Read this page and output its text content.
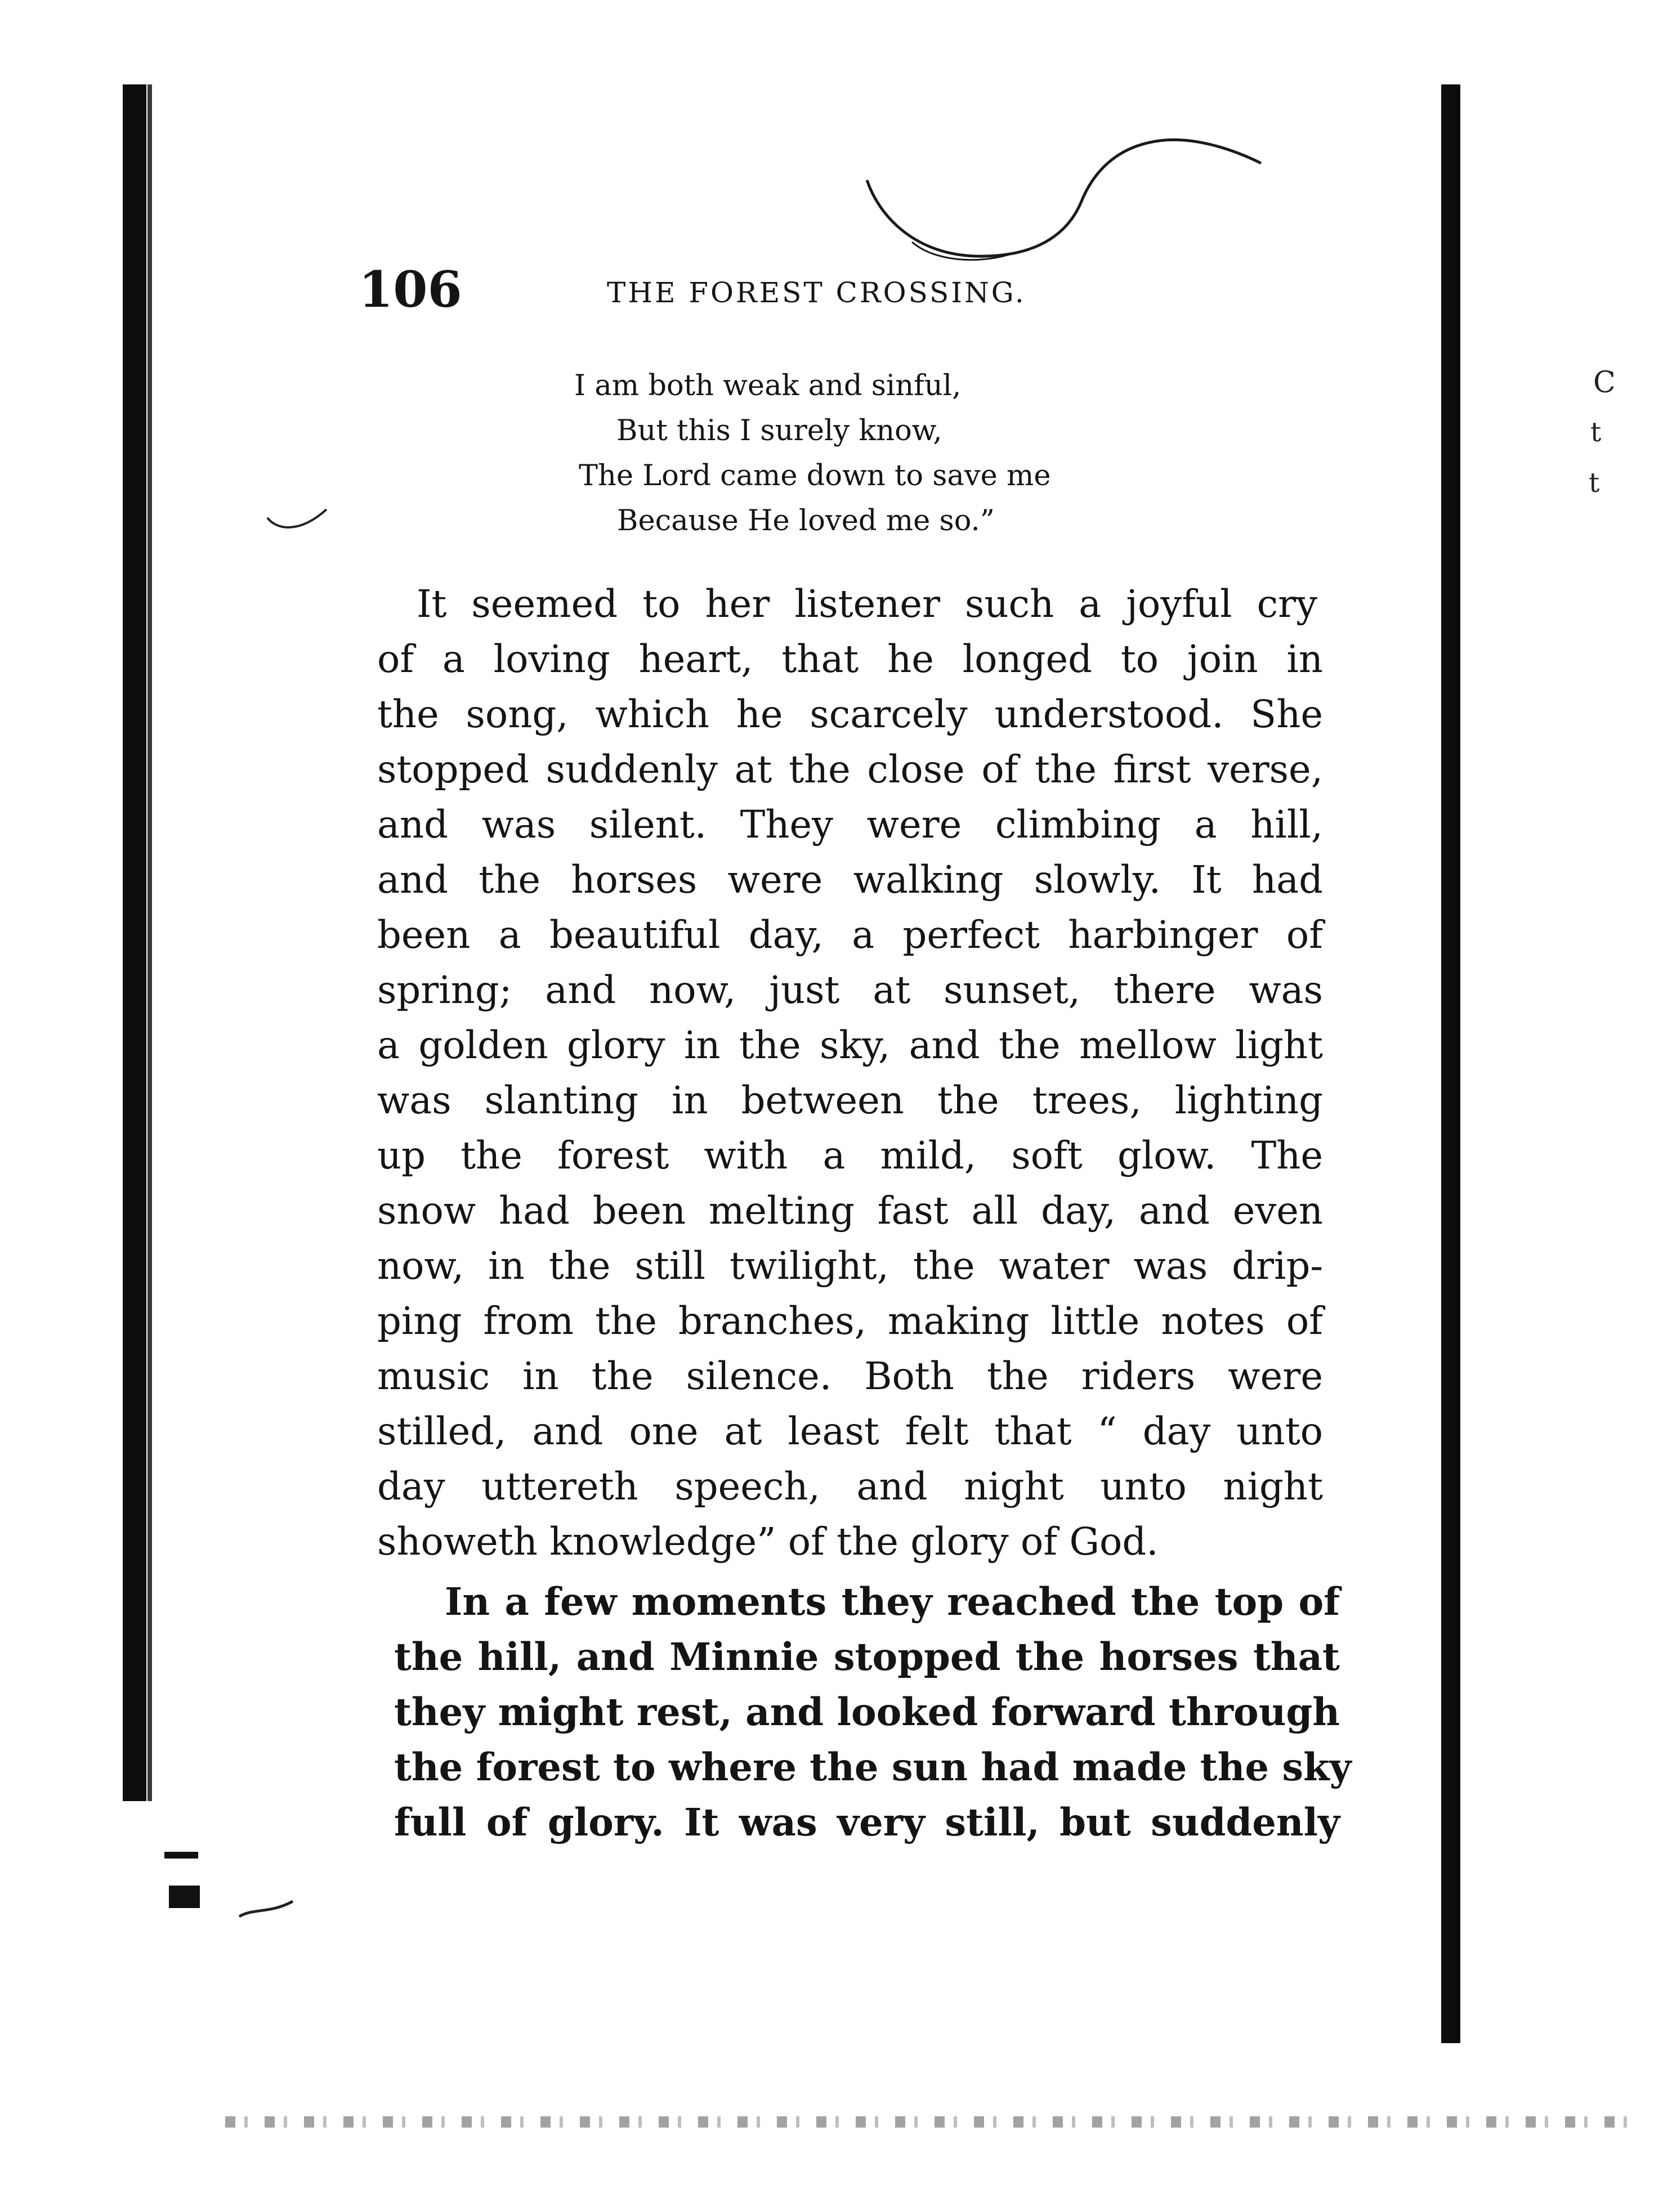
C
t
t
106	THE FOREST CROSSING.
I am both weak and sinful,
But this I surely know,
The Lord came down to save me
Because He loved me so.”
It seemed to her listener such a joyful cry
of a loving heart, that he longed to join in
the song, which he scarcely understood. She
stopped suddenly at the close of the first verse,
and was silent. They were climbing a hill,
and the horses were walking slowly. It had
been a beautiful day, a perfect harbinger of
spring; and now, just at sunset, there was
a golden glory in the sky, and the mellow light
was slanting in between the trees, lighting
up the forest with a mild, soft glow. The
snow had been melting fast all day, and even
now, in the still twilight, the water was drip-
ping from the branches, making little notes of
music in the silence. Both the riders were
stilled, and one at least felt that “ day unto
day uttereth speech, and night unto night
showeth knowledge” of the glory of God.
In a few moments they reached the top of
the hill, and Minnie stopped the horses that
they might rest, and looked forward through
the forest to where the sun had made the sky
full of glory. It was very still, but suddenly
